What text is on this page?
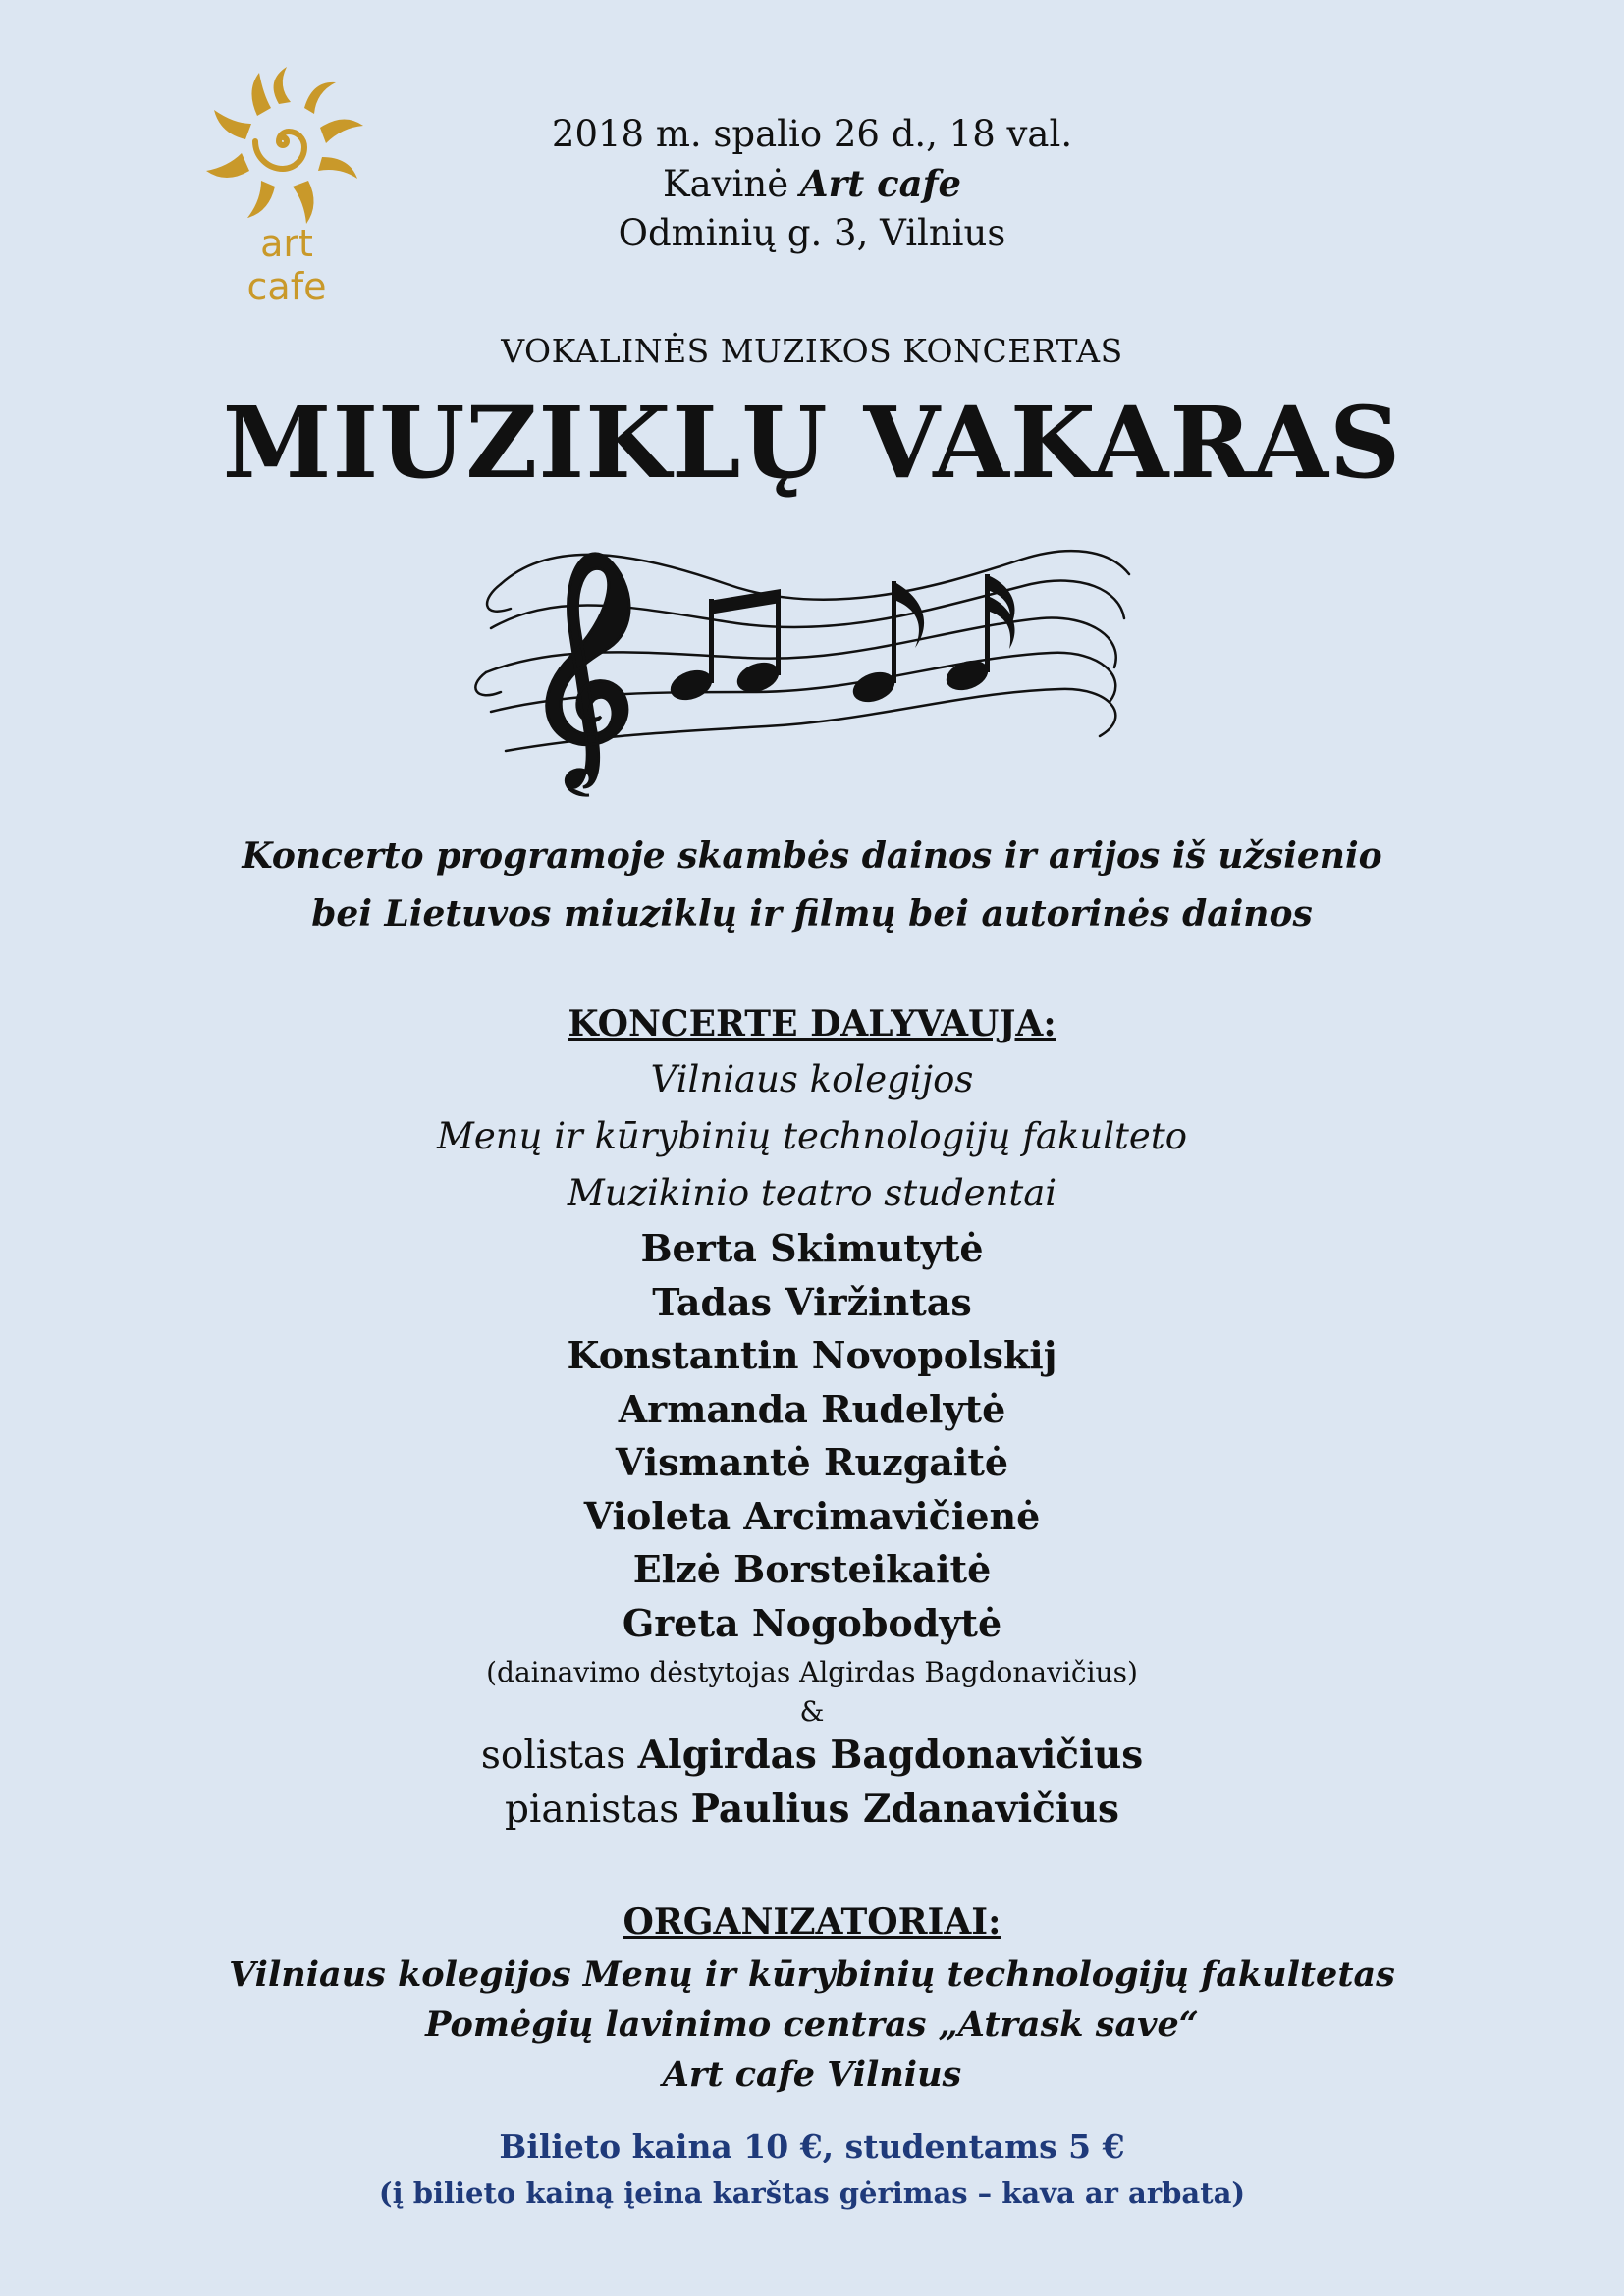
art cafe
2018 m. spalio 26 d., 18 val.
Kavinė Art cafe
Odminių g. 3, Vilnius
VOKALINĖS MUZIKOS KONCERTAS
MIUZIKLŲ VAKARAS
Koncerto programoje skambės dainos ir arijos iš užsienio
bei Lietuvos miuziklų ir filmų bei autorinės dainos
KONCERTE DALYVAUJA:
Vilniaus kolegijos
Menų ir kūrybinių technologijų fakulteto
Muzikinio teatro studentai
Berta Skimutytė
Tadas Viržintas
Konstantin Novopolskij
Armanda Rudelytė
Vismantė Ruzgaitė
Violeta Arcimavičienė
Elzė Borsteikaitė
Greta Nogobodytė
(dainavimo dėstytojas Algirdas Bagdonavičius)
&
solistas Algirdas Bagdonavičius
pianistas Paulius Zdanavičius
ORGANIZATORIAI:
Vilniaus kolegijos Menų ir kūrybinių technologijų fakultetas
Pomėgių lavinimo centras „Atrask save“
Art cafe Vilnius
Bilieto kaina 10 €, studentams 5 €
(į bilieto kainą įeina karštas gėrimas – kava ar arbata)
